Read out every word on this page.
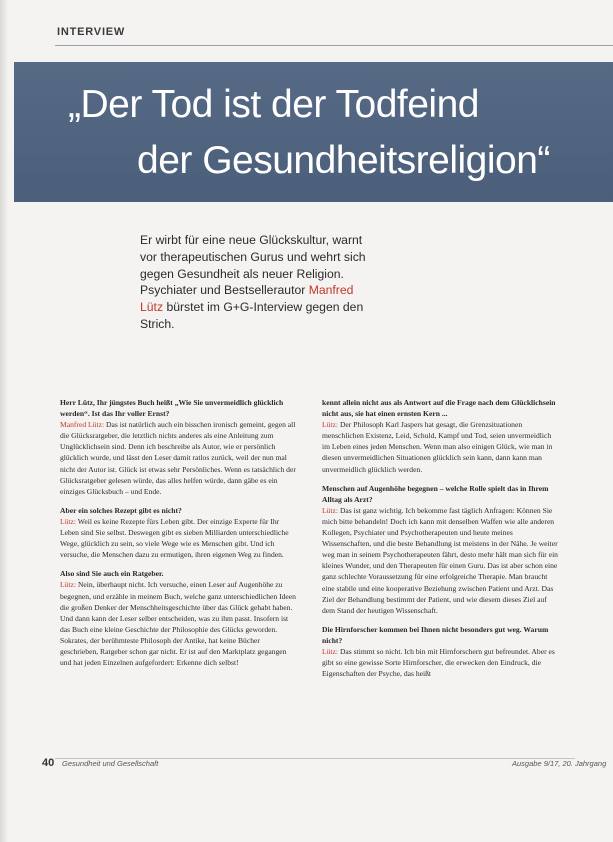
INTERVIEW
„Der Tod ist der Todfeind
der Gesundheitsreligion“
Er wirbt für eine neue Glückskultur, warnt vor therapeutischen Gurus und wehrt sich gegen Gesundheit als neuer Religion. Psychiater und Bestsellerautor Manfred Lütz bürstet im G+G-Interview gegen den Strich.
Herr Lütz, Ihr jüngstes Buch heißt „Wie Sie unvermeidlich glücklich werden“. Ist das Ihr voller Ernst?
Manfred Lütz: Das ist natürlich auch ein bisschen ironisch gemeint, gegen all die Glücksratgeber, die letztlich nichts anderes als eine Anleitung zum Unglücklichsein sind. Denn ich beschreibe als Autor, wie er persönlich glücklich wurde, und lässt den Leser damit ratlos zurück, weil der nun mal nicht der Autor ist. Glück ist etwas sehr Persönliches. Wenn es tatsächlich der Glücksratgeber gelesen würde, das alles helfen würde, dann gäbe es ein einziges Glücksbuch – und Ende.
Aber ein solches Rezept gibt es nicht?
Lütz: Weil es keine Rezepte fürs Leben gibt. Der einzige Experte für Ihr Leben sind Sie selbst. Deswegen gibt es sieben Milliarden unterschiedliche Wege, glücklich zu sein, so viele Wege wie es Menschen gibt. Und ich versuche, die Menschen dazu zu ermutigen, ihren eigenen Weg zu finden.
Also sind Sie auch ein Ratgeber.
Lütz: Nein, überhaupt nicht. Ich versuche, einen Leser auf Augenhöhe zu begegnen, und erzähle in meinem Buch, welche ganz unterschiedlichen Ideen die großen Denker der Menschheitsgeschichte über das Glück gehabt haben. Und dann kann der Leser selber entscheiden, was zu ihm passt. Insofern ist das Buch eine kleine Geschichte der Philosophie des Glücks geworden. Sokrates, der berühmteste Philosoph der Antike, hat keine Bücher geschrieben, Ratgeber schon gar nicht. Er ist auf den Marktplatz gegangen und hat jeden Einzelnen aufgefordert: Erkenne dich selbst!
kennt allein nicht aus als Antwort auf die Frage nach dem Glücklichsein nicht aus, sie hat einen ernsten Kern ...
Lütz: Der Philosoph Karl Jaspers hat gesagt, die Grenzsituationen menschlichen Existenz, Leid, Schuld, Kampf und Tod, seien unvermeidlich im Leben eines jeden Menschen. Wenn man also einigen Glück, wie man in diesen unvermeidlichen Situationen glücklich sein kann, dann kann man unvermeidlich glücklich werden.
Menschen auf Augenhöhe begegnen – welche Rolle spielt das in Ihrem Alltag als Arzt?
Lütz: Das ist ganz wichtig. Ich bekomme fast täglich Anfragen: Können Sie mich bitte behandeln! Doch ich kann mit denselben Waffen wie alle anderen Kollegen, Psychiater und Psychotherapeuten und heute meines Wissenschaften, und die beste Behandlung ist meistens in der Nähe. Je weiter weg man in seinem Psychotherapeuten fährt, desto mehr hält man sich für ein kleines Wunder, und den Therapeuten für einen Guru. Das ist aber schon eine ganz schlechte Voraussetzung für eine erfolgreiche Therapie. Man braucht eine stabile und eine kooperative Beziehung zwischen Patient und Arzt. Das Ziel der Behandlung bestimmt der Patient, und wie diesem dieses Ziel auf dem Stand der heutigen Wissenschaft.
Die Hirnforscher kommen bei Ihnen nicht besonders gut weg. Warum nicht?
Lütz: Das stimmt so nicht. Ich bin mit Hirnforschern gut befreundet. Aber es gibt so eine gewisse Sorte Hirnforscher, die erwecken den Eindruck, die Eigenschaften der Psyche, das heißt
40 Gesundheit und Gesellschaft	Ausgabe 9/17, 20. Jahrgang
